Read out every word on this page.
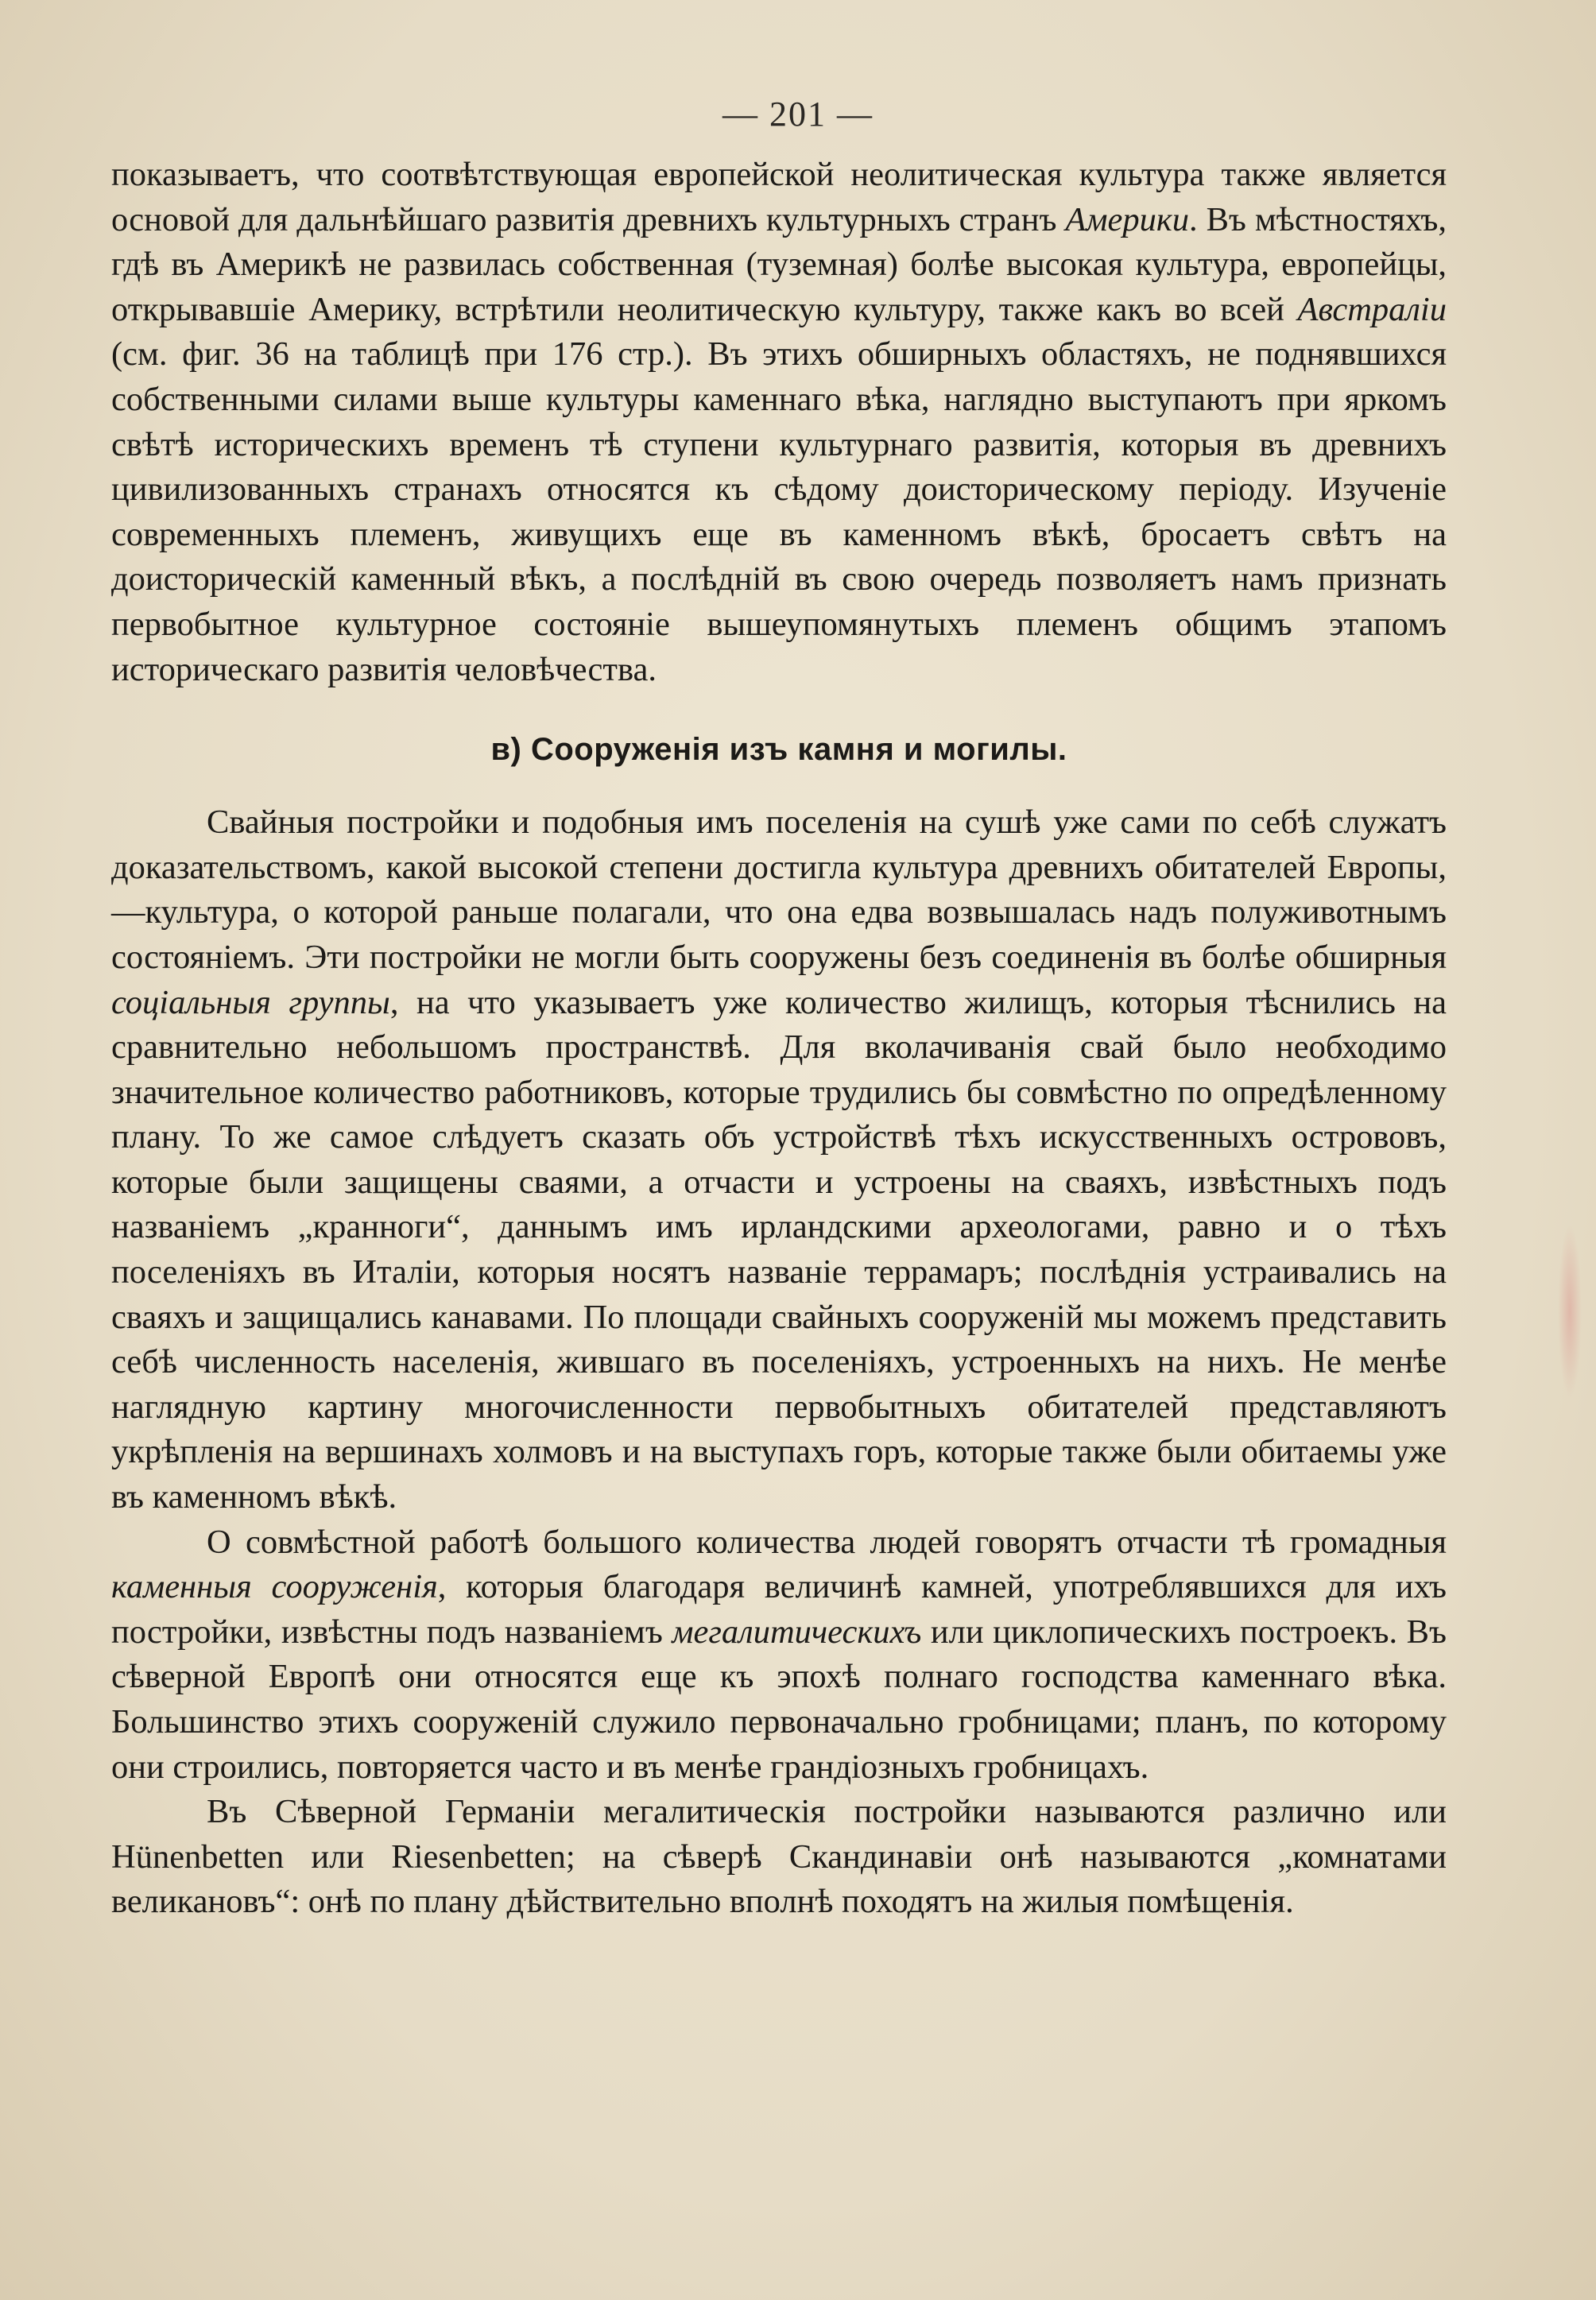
— 201 —

показываетъ, что соотвѣтствующая европейской неолитическая культура также является основой для дальнѣйшаго развитія древнихъ культурныхъ странъ Америки. Въ мѣстностяхъ, гдѣ въ Америкѣ не развилась собственная (туземная) болѣе высокая культура, европейцы, открывавшіе Америку, встрѣтили неолитическую культуру, также какъ во всей Австраліи (см. фиг. 36 на таблицѣ при 176 стр.). Въ этихъ обширныхъ областяхъ, не поднявшихся собственными силами выше культуры каменнаго вѣка, наглядно выступаютъ при яркомъ свѣтѣ историческихъ временъ тѣ ступени культурнаго развитія, которыя въ древнихъ цивилизованныхъ странахъ относятся къ сѣдому доисторическому періоду. Изученіе современныхъ племенъ, живущихъ еще въ каменномъ вѣкѣ, бросаетъ свѣтъ на доисторическій каменный вѣкъ, а послѣдній въ свою очередь позволяетъ намъ признать первобытное культурное состояніе вышеупомянутыхъ племенъ общимъ этапомъ историческаго развитія человѣчества.

в) Сооруженія изъ камня и могилы.

Свайныя постройки и подобныя имъ поселенія на сушѣ уже сами по себѣ служатъ доказательствомъ, какой высокой степени достигла культура древнихъ обитателей Европы,—культура, о которой раньше полагали, что она едва возвышалась надъ полуживотнымъ состояніемъ. Эти постройки не могли быть сооружены безъ соединенія въ болѣе обширныя соціальныя группы, на что указываетъ уже количество жилищъ, которыя тѣснились на сравнительно небольшомъ пространствѣ. Для вколачиванія свай было необходимо значительное количество работниковъ, которые трудились бы совмѣстно по опредѣленному плану. То же самое слѣдуетъ сказать объ устройствѣ тѣхъ искусственныхъ острововъ, которые были защищены сваями, а отчасти и устроены на сваяхъ, извѣстныхъ подъ названіемъ „кранноги“, даннымъ имъ ирландскими археологами, равно и о тѣхъ поселеніяхъ въ Италіи, которыя носятъ названіе террамаръ; послѣднія устраивались на сваяхъ и защищались канавами. По площади свайныхъ сооруженій мы можемъ представить себѣ численность населенія, жившаго въ поселеніяхъ, устроенныхъ на нихъ. Не менѣе наглядную картину многочисленности первобытныхъ обитателей представляютъ укрѣпленія на вершинахъ холмовъ и на выступахъ горъ, которые также были обитаемы уже въ каменномъ вѣкѣ.

О совмѣстной работѣ большого количества людей говорятъ отчасти тѣ громадныя каменныя сооруженія, которыя благодаря величинѣ камней, употреблявшихся для ихъ постройки, извѣстны подъ названіемъ мегалитическихъ или циклопическихъ построекъ. Въ сѣверной Европѣ они относятся еще къ эпохѣ полнаго господства каменнаго вѣка. Большинство этихъ сооруженій служило первоначально гробницами; планъ, по которому они строились, повторяется часто и въ менѣе грандіозныхъ гробницахъ.

Въ Сѣверной Германіи мегалитическія постройки называются различно или Hünenbetten или Riesenbetten; на сѣверѣ Скандинавіи онѣ называются „комнатами великановъ“: онѣ по плану дѣйствительно вполнѣ походятъ на жилыя помѣщенія.
